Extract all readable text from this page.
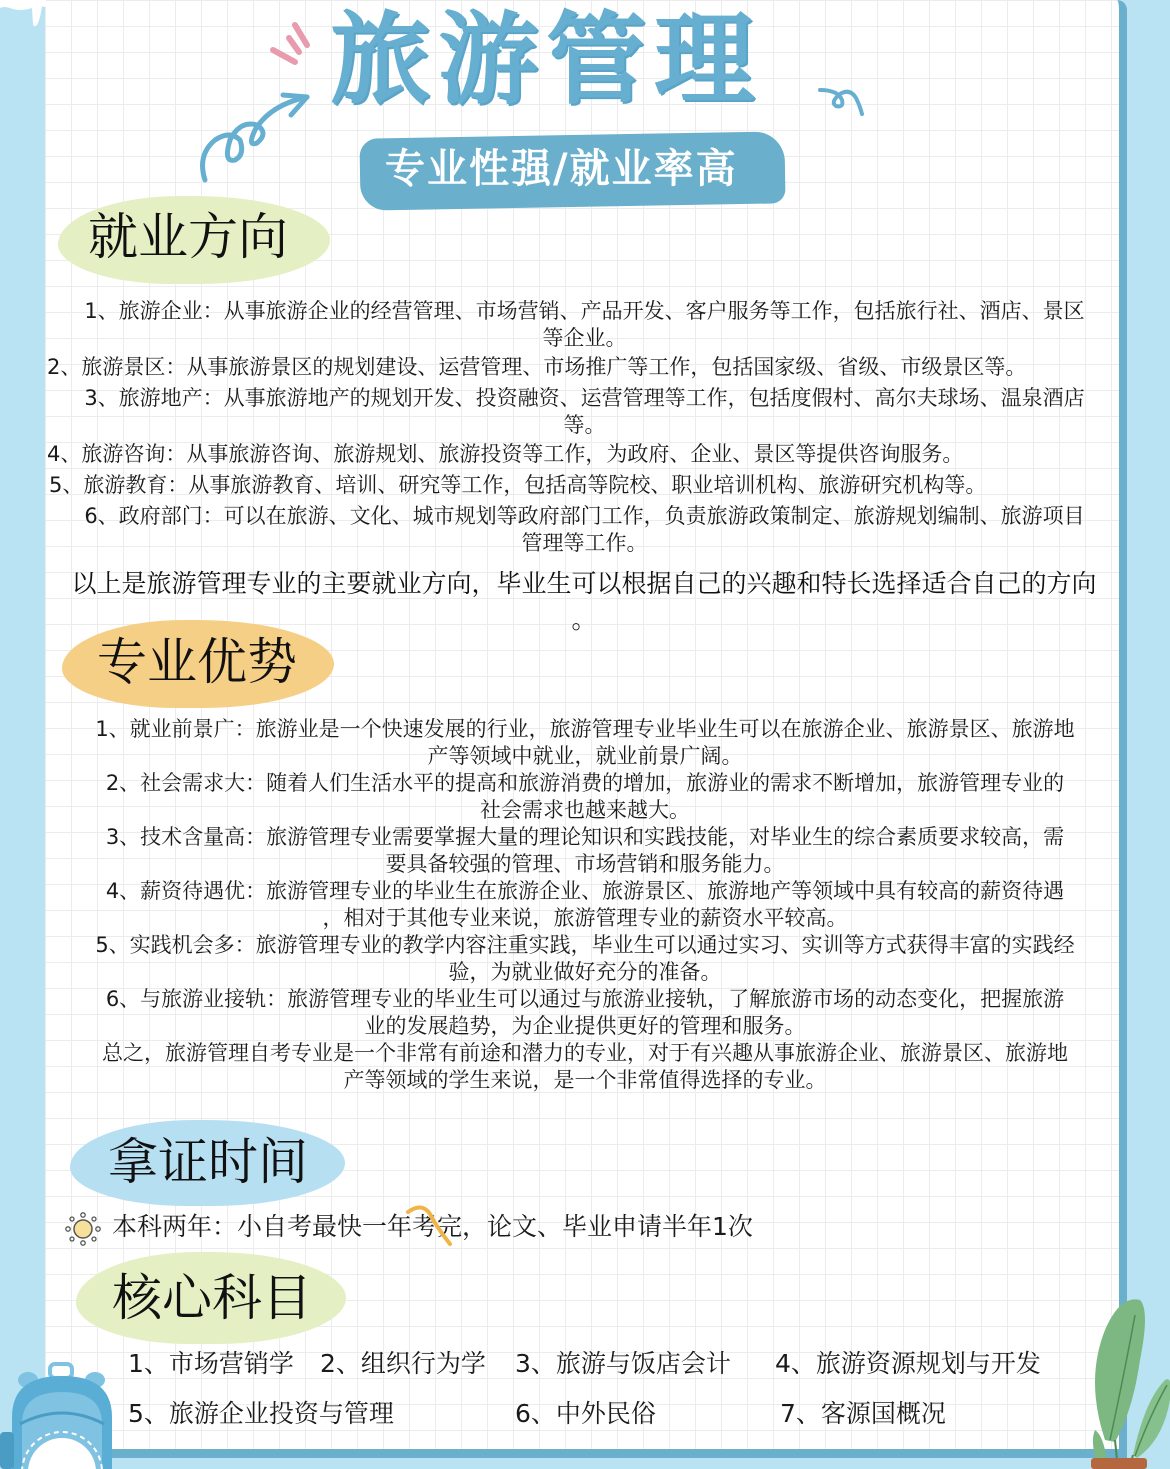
旅游管理
专业性强/就业率高
就业方向
1、旅游企业：从事旅游企业的经营管理、市场营销、产品开发、客户服务等工作，包括旅行社、酒店、景区
等企业。
2、旅游景区：从事旅游景区的规划建设、运营管理、市场推广等工作，包括国家级、省级、市级景区等。
3、旅游地产：从事旅游地产的规划开发、投资融资、运营管理等工作，包括度假村、高尔夫球场、温泉酒店
等。
4、旅游咨询：从事旅游咨询、旅游规划、旅游投资等工作，为政府、企业、景区等提供咨询服务。
5、旅游教育：从事旅游教育、培训、研究等工作，包括高等院校、职业培训机构、旅游研究机构等。
6、政府部门：可以在旅游、文化、城市规划等政府部门工作，负责旅游政策制定、旅游规划编制、旅游项目
管理等工作。
以上是旅游管理专业的主要就业方向，毕业生可以根据自己的兴趣和特长选择适合自己的方向
。
专业优势
1、就业前景广：旅游业是一个快速发展的行业，旅游管理专业毕业生可以在旅游企业、旅游景区、旅游地
产等领域中就业，就业前景广阔。
2、社会需求大：随着人们生活水平的提高和旅游消费的增加，旅游业的需求不断增加，旅游管理专业的
社会需求也越来越大。
3、技术含量高：旅游管理专业需要掌握大量的理论知识和实践技能，对毕业生的综合素质要求较高，需
要具备较强的管理、市场营销和服务能力。
4、薪资待遇优：旅游管理专业的毕业生在旅游企业、旅游景区、旅游地产等领域中具有较高的薪资待遇
，相对于其他专业来说，旅游管理专业的薪资水平较高。
5、实践机会多：旅游管理专业的教学内容注重实践，毕业生可以通过实习、实训等方式获得丰富的实践经
验，为就业做好充分的准备。
6、与旅游业接轨：旅游管理专业的毕业生可以通过与旅游业接轨，了解旅游市场的动态变化，把握旅游
业的发展趋势，为企业提供更好的管理和服务。
总之，旅游管理自考专业是一个非常有前途和潜力的专业，对于有兴趣从事旅游企业、旅游景区、旅游地
产等领域的学生来说，是一个非常值得选择的专业。
拿证时间
本科两年：小自考最快一年考完，论文、毕业申请半年1次
核心科目
1、市场营销学 2、组织行为学 3、旅游与饭店会计 4、旅游资源规划与开发
5、旅游企业投资与管理	6、中外民俗	7、客源国概况
